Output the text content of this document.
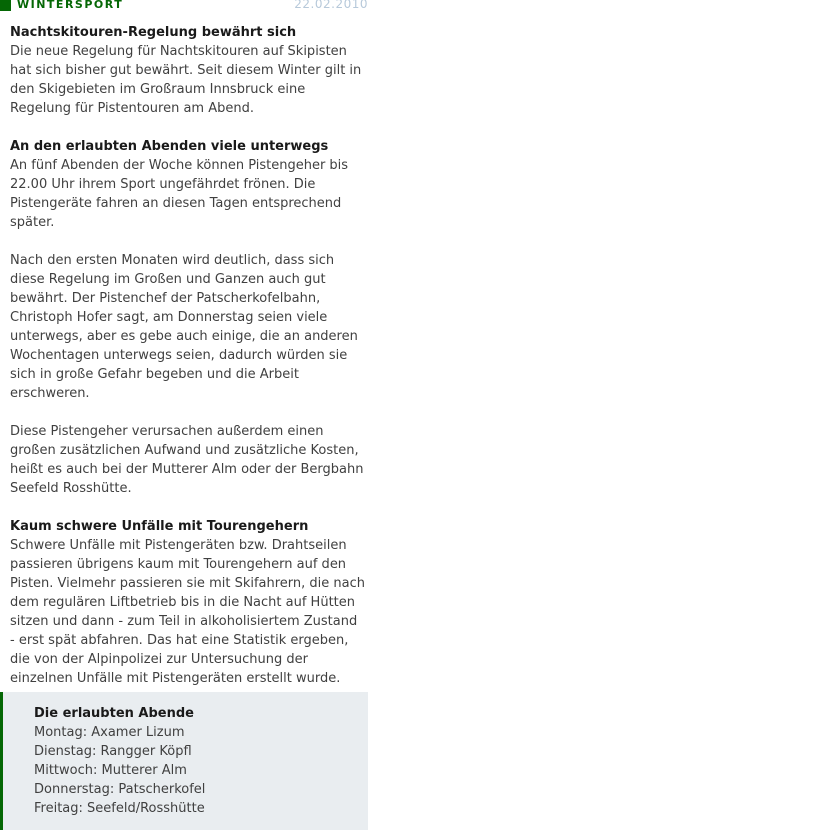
WINTERSPORT	22.02.2010
Nachtskitouren-Regelung bewährt sich

Die neue Regelung für Nachtskitouren auf Skipisten hat sich bisher gut bewährt. Seit diesem Winter gilt in den Skigebieten im Großraum Innsbruck eine Regelung für Pistentouren am Abend.

An den erlaubten Abenden viele unterwegs

An fünf Abenden der Woche können Pistengeher bis 22.00 Uhr ihrem Sport ungefährdet frönen. Die Pistengeräte fahren an diesen Tagen entsprechend später.

Nach den ersten Monaten wird deutlich, dass sich diese Regelung im Großen und Ganzen auch gut bewährt. Der Pistenchef der Patscherkofelbahn, Christoph Hofer sagt, am Donnerstag seien viele unterwegs, aber es gebe auch einige, die an anderen Wochentagen unterwegs seien, dadurch würden sie sich in große Gefahr begeben und die Arbeit erschweren.

Diese Pistengeher verursachen außerdem einen großen zusätzlichen Aufwand und zusätzliche Kosten, heißt es auch bei der Mutterer Alm oder der Bergbahn Seefeld Rosshütte.

Kaum schwere Unfälle mit Tourengehern

Schwere Unfälle mit Pistengeräten bzw. Drahtseilen passieren übrigens kaum mit Tourengehern auf den Pisten. Vielmehr passieren sie mit Skifahrern, die nach dem regulären Liftbetrieb bis in die Nacht auf Hütten sitzen und dann - zum Teil in alkoholisiertem Zustand - erst spät abfahren. Das hat eine Statistik ergeben, die von der Alpinpolizei zur Untersuchung der einzelnen Unfälle mit Pistengeräten erstellt wurde.

Die erlaubten Abende
Montag: Axamer Lizum
Dienstag: Rangger Köpfl
Mittwoch: Mutterer Alm
Donnerstag: Patscherkofel
Freitag: Seefeld/Rosshütte
